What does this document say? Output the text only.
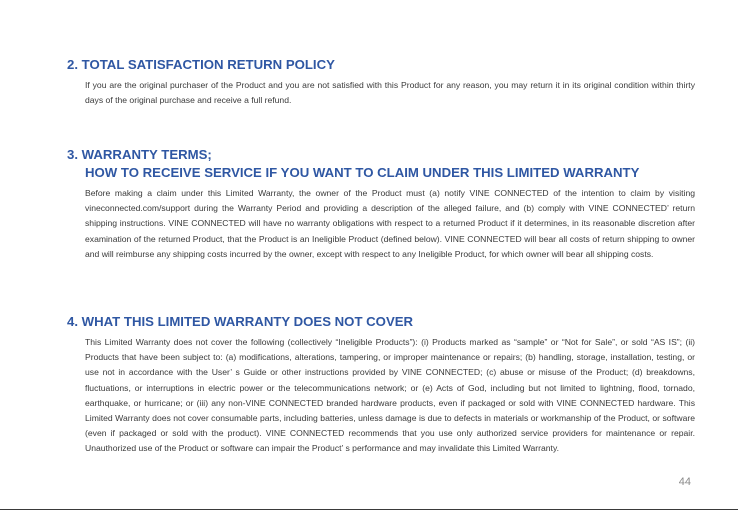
2. TOTAL SATISFACTION RETURN POLICY

If you are the original purchaser of the Product and you are not satisfied with this Product for any reason, you may return it in its original condition within thirty days of the original purchase and receive a full refund.

3. WARRANTY TERMS;
HOW TO RECEIVE SERVICE IF YOU WANT TO CLAIM UNDER THIS LIMITED WARRANTY

Before making a claim under this Limited Warranty, the owner of the Product must (a) notify VINE CONNECTED of the intention to claim by visiting vineconnected.com/support during the Warranty Period and providing a description of the alleged failure, and (b) comply with VINE CONNECTED’ return shipping instructions. VINE CONNECTED will have no warranty obligations with respect to a returned Product if it determines, in its reasonable discretion after examination of the returned Product, that the Product is an Ineligible Product (defined below). VINE CONNECTED will bear all costs of return shipping to owner and will reimburse any shipping costs incurred by the owner, except with respect to any Ineligible Product, for which owner will bear all shipping costs.

4. WHAT THIS LIMITED WARRANTY DOES NOT COVER

This Limited Warranty does not cover the following (collectively “Ineligible Products”): (i) Products marked as “sample” or “Not for Sale”, or sold “AS IS”; (ii) Products that have been subject to: (a) modifications, alterations, tampering, or improper maintenance or repairs; (b) handling, storage, installation, testing, or use not in accordance with the User’ s Guide or other instructions provided by VINE CONNECTED; (c) abuse or misuse of the Product; (d) breakdowns, fluctuations, or interruptions in electric power or the telecommunications network; or (e) Acts of God, including but not limited to lightning, flood, tornado, earthquake, or hurricane; or (iii) any non-VINE CONNECTED branded hardware products, even if packaged or sold with VINE CONNECTED hardware. This Limited Warranty does not cover consumable parts, including batteries, unless damage is due to defects in materials or workmanship of the Product, or software (even if packaged or sold with the product). VINE CONNECTED recommends that you use only authorized service providers for maintenance or repair. Unauthorized use of the Product or software can impair the Product’ s performance and may invalidate this Limited Warranty.

44
